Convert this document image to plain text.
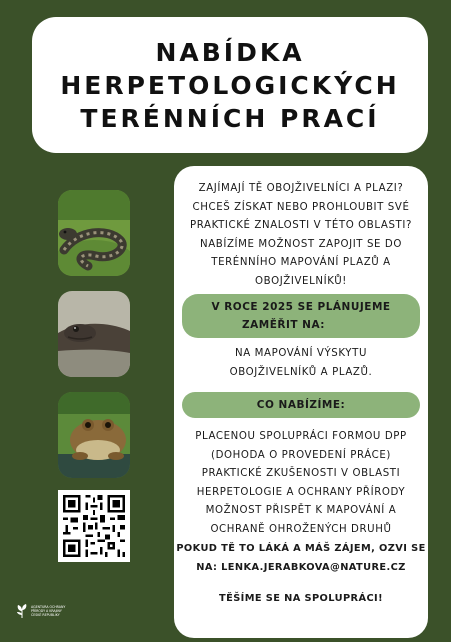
NABÍDKA
HERPETOLOGICKÝCH
TERÉNNÍCH PRACÍ
ZAJÍMAJÍ TĚ OBOJŽIVELNÍCI A PLAZI?
CHCEŠ ZÍSKAT NEBO PROHLOUBIT SVÉ
PRAKTICKÉ ZNALOSTI V TÉTO OBLASTI?
NABÍZÍME MOŽNOST ZAPOJIT SE DO
TERÉNNÍHO MAPOVÁNÍ PLAZŮ A
OBOJŽIVELNÍKŮ!
V ROCE 2025 SE PLÁNUJEME
ZAMĚŘIT NA:
NA MAPOVÁNÍ VÝSKYTU
OBOJŽIVELNÍKŮ A PLAZŮ.
CO NABÍZÍME:
PLACENOU SPOLUPRÁCI FORMOU DPP
(DOHODA O PROVEDENÍ PRÁCE)
PRAKTICKÉ ZKUŠENOSTI V OBLASTI
HERPETOLOGIE A OCHRANY PŘÍRODY
MOŽNOST PŘISPĚT K MAPOVÁNÍ A
OCHRANĚ OHROŽENÝCH DRUHŮ
POKUD TĚ TO LÁKÁ A MÁŠ ZÁJEM, OZVI SE
NA: LENKA.JERABKOVA@NATURE.CZ
TĚŠÍME SE NA SPOLUPRÁCI!
AGENTURA OCHRANY
PŘÍRODY A KRAJINY
ČESKÉ REPUBLIKY
